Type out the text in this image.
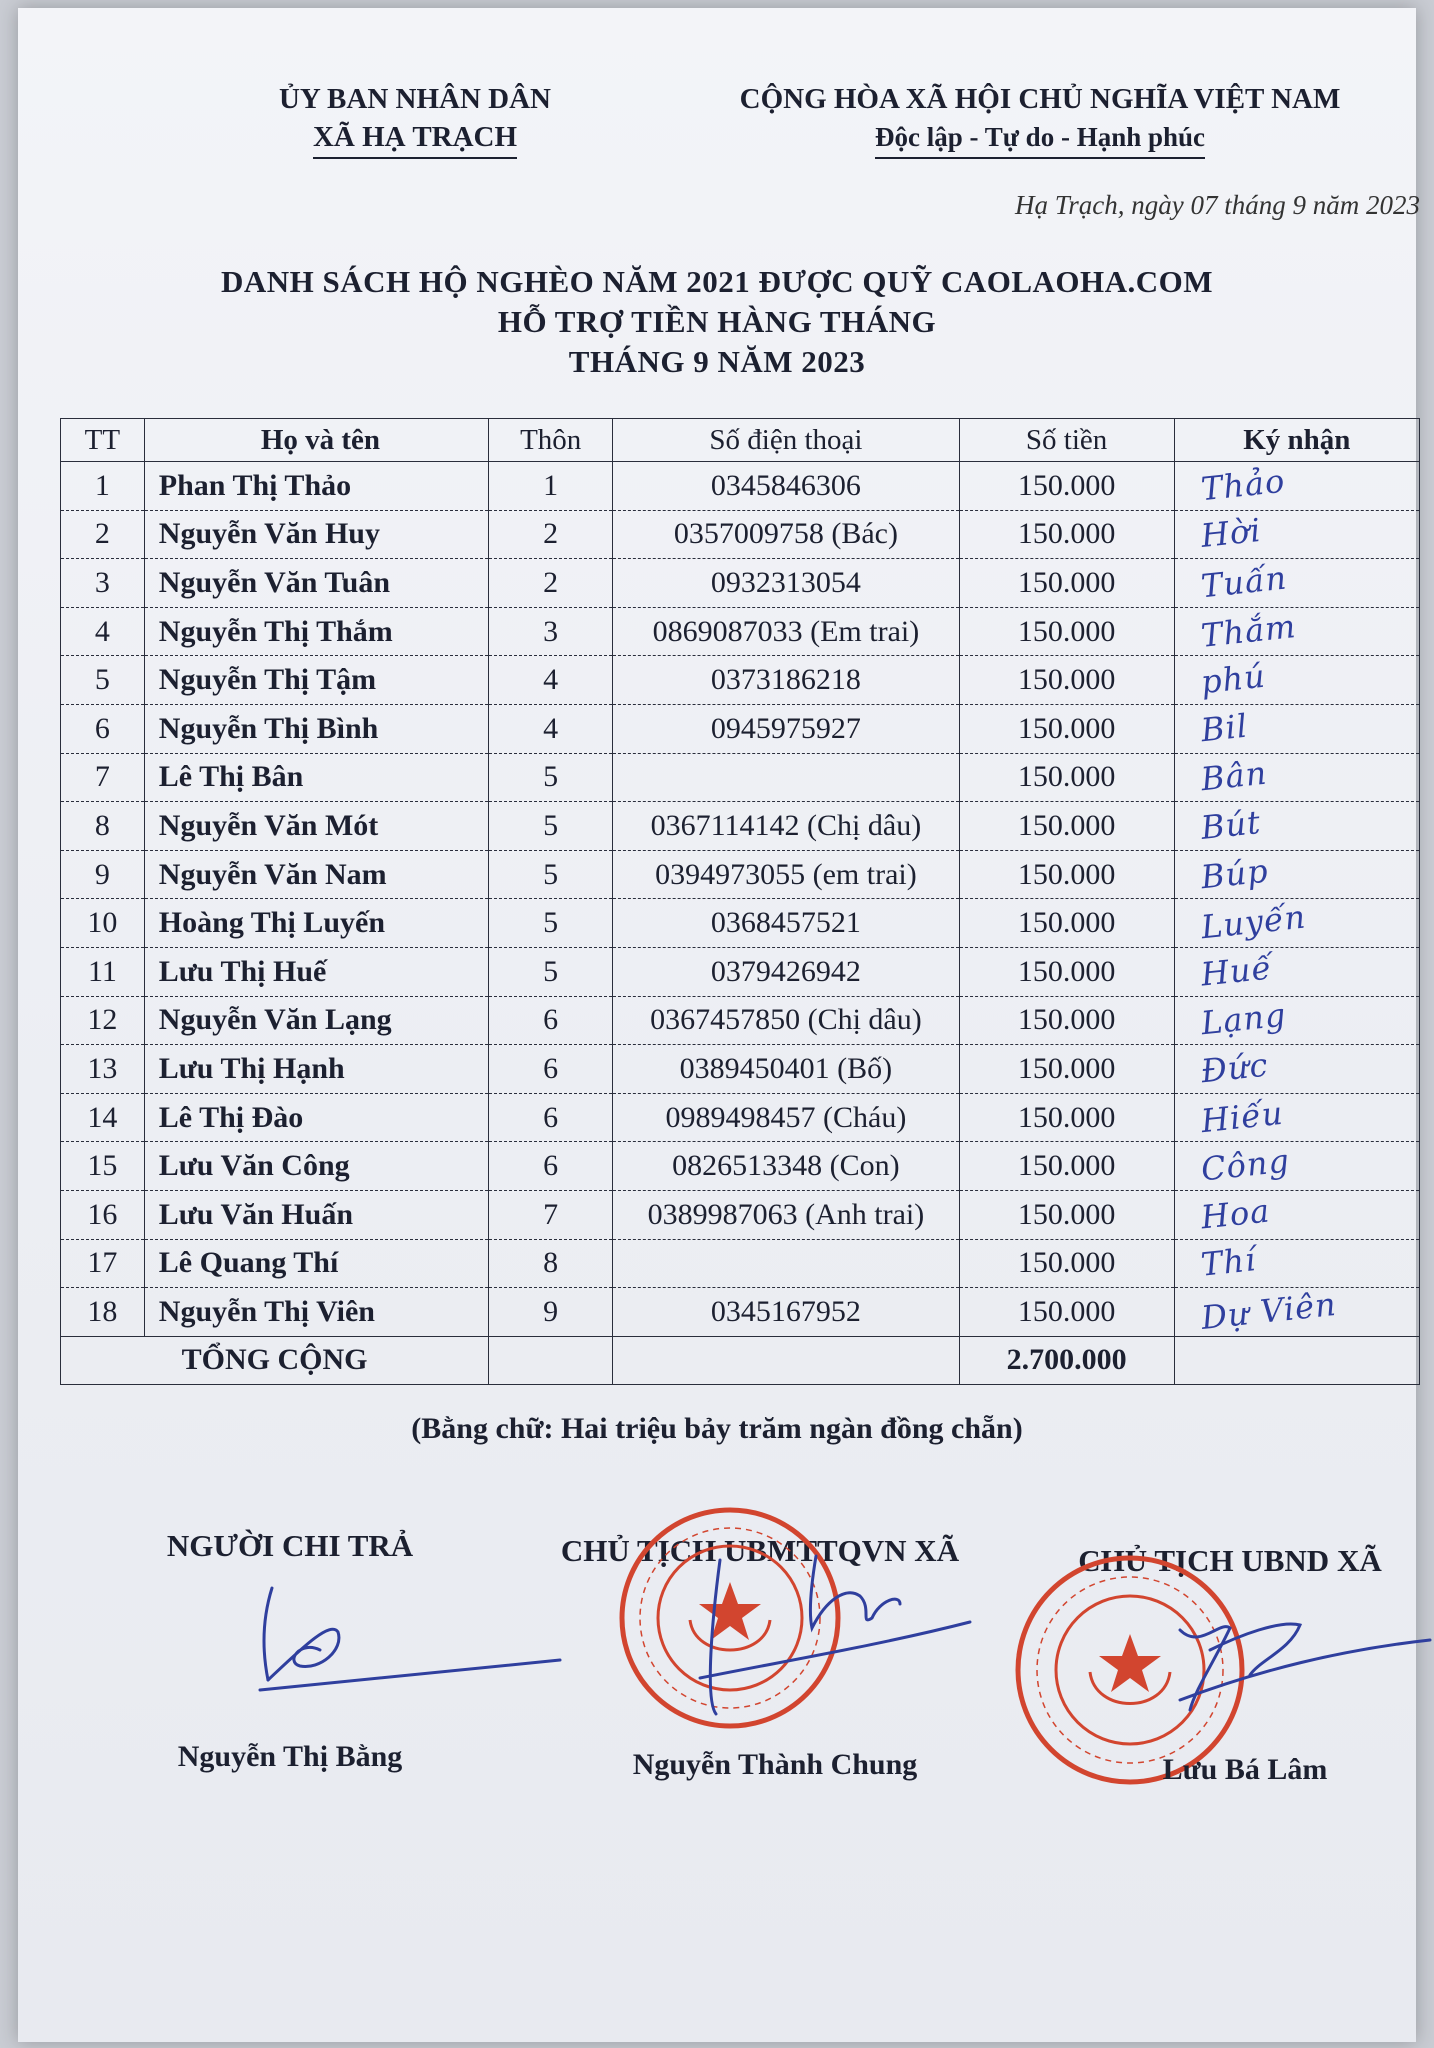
ỦY BAN NHÂN DÂN
XÃ HẠ TRẠCH
CỘNG HÒA XÃ HỘI CHỦ NGHĨA VIỆT NAM
Độc lập - Tự do - Hạnh phúc
Hạ Trạch, ngày 07 tháng 9 năm 2023
DANH SÁCH HỘ NGHÈO NĂM 2021 ĐƯỢC QUỸ CAOLAOHA.COM
HỖ TRỢ TIỀN HÀNG THÁNG
THÁNG 9 NĂM 2023
TT	Họ và tên	Thôn	Số điện thoại	Số tiền	Ký nhận
1	Phan Thị Thảo	1	0345846306	150.000	Thảo
2	Nguyễn Văn Huy	2	0357009758 (Bác)	150.000	Hời
3	Nguyễn Văn Tuân	2	0932313054	150.000	Tuấn
4	Nguyễn Thị Thắm	3	0869087033 (Em trai)	150.000	Thắm
5	Nguyễn Thị Tậm	4	0373186218	150.000	phú
6	Nguyễn Thị Bình	4	0945975927	150.000	Bil
7	Lê Thị Bân	5		150.000	Bân
8	Nguyễn Văn Mót	5	0367114142 (Chị dâu)	150.000	Bút
9	Nguyễn Văn Nam	5	0394973055 (em trai)	150.000	Búp
10	Hoàng Thị Luyến	5	0368457521	150.000	Luyến
11	Lưu Thị Huế	5	0379426942	150.000	Huế
12	Nguyễn Văn Lạng	6	0367457850 (Chị dâu)	150.000	Lạng
13	Lưu Thị Hạnh	6	0389450401 (Bố)	150.000	Đức
14	Lê Thị Đào	6	0989498457 (Cháu)	150.000	Hiếu
15	Lưu Văn Công	6	0826513348 (Con)	150.000	Công
16	Lưu Văn Huấn	7	0389987063 (Anh trai)	150.000	Hoa
17	Lê Quang Thí	8		150.000	Thí
18	Nguyễn Thị Viên	9	0345167952	150.000	Dự Viên
TỔNG CỘNG				2.700.000	
(Bằng chữ: Hai triệu bảy trăm ngàn đồng chẵn)
NGƯỜI CHI TRẢ	CHỦ TỊCH UBMTTQVN XÃ	CHỦ TỊCH UBND XÃ
Nguyễn Thị Bằng	Nguyễn Thành Chung	Lưu Bá Lâm
